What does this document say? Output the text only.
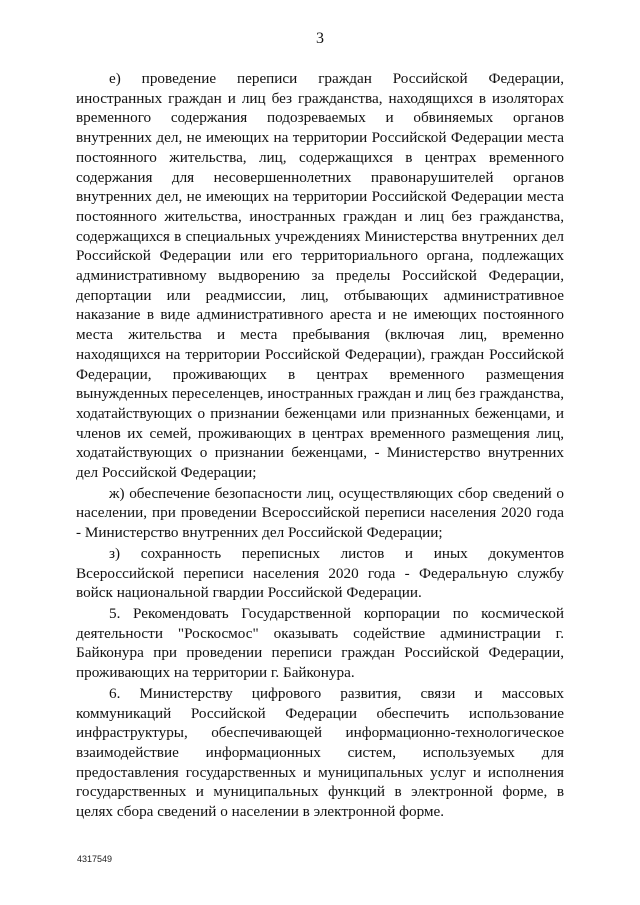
3

е) проведение переписи граждан Российской Федерации, иностранных граждан и лиц без гражданства, находящихся в изоляторах временного содержания подозреваемых и обвиняемых органов внутренних дел, не имеющих на территории Российской Федерации места постоянного жительства, лиц, содержащихся в центрах временного содержания для несовершеннолетних правонарушителей органов внутренних дел, не имеющих на территории Российской Федерации места постоянного жительства, иностранных граждан и лиц без гражданства, содержащихся в специальных учреждениях Министерства внутренних дел Российской Федерации или его территориального органа, подлежащих административному выдворению за пределы Российской Федерации, депортации или реадмиссии, лиц, отбывающих административное наказание в виде административного ареста и не имеющих постоянного места жительства и места пребывания (включая лиц, временно находящихся на территории Российской Федерации), граждан Российской Федерации, проживающих в центрах временного размещения вынужденных переселенцев, иностранных граждан и лиц без гражданства, ходатайствующих о признании беженцами или признанных беженцами, и членов их семей, проживающих в центрах временного размещения лиц, ходатайствующих о признании беженцами, - Министерство внутренних дел Российской Федерации;

ж) обеспечение безопасности лиц, осуществляющих сбор сведений о населении, при проведении Всероссийской переписи населения 2020 года - Министерство внутренних дел Российской Федерации;

з) сохранность переписных листов и иных документов Всероссийской переписи населения 2020 года - Федеральную службу войск национальной гвардии Российской Федерации.

5. Рекомендовать Государственной корпорации по космической деятельности "Роскосмос" оказывать содействие администрации г. Байконура при проведении переписи граждан Российской Федерации, проживающих на территории г. Байконура.

6. Министерству цифрового развития, связи и массовых коммуникаций Российской Федерации обеспечить использование инфраструктуры, обеспечивающей информационно-технологическое взаимодействие информационных систем, используемых для предоставления государственных и муниципальных услуг и исполнения государственных и муниципальных функций в электронной форме, в целях сбора сведений о населении в электронной форме.

4317549
